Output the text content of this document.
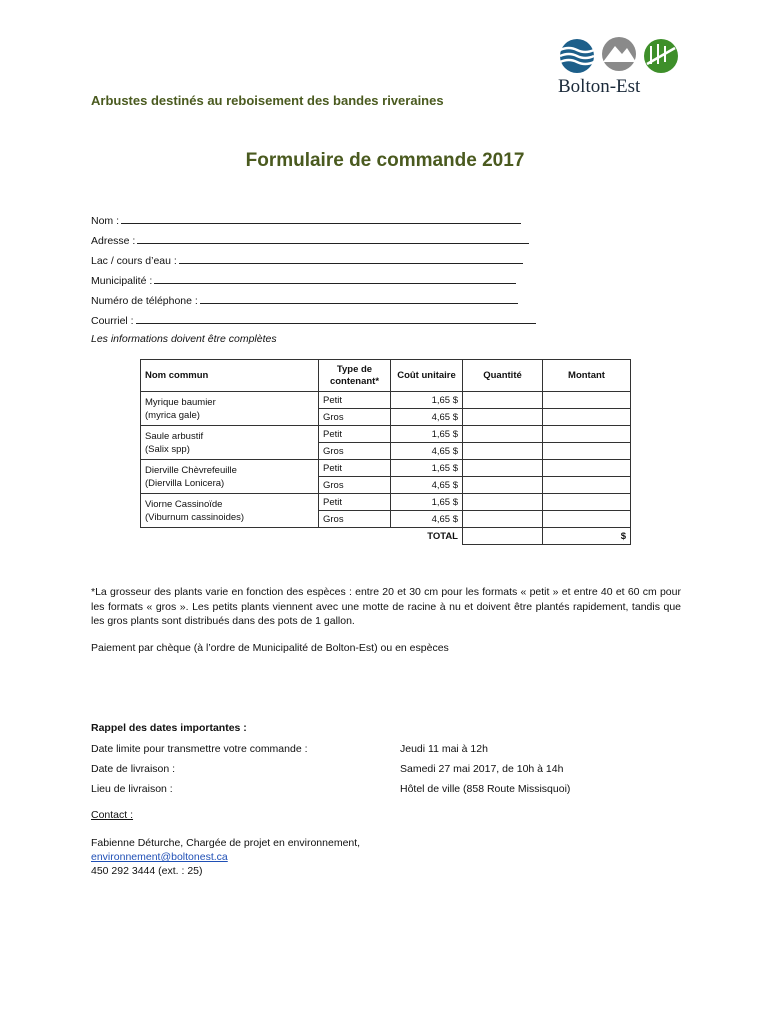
Bolton-Est
Arbustes destinés au reboisement des bandes riveraines
Formulaire de commande 2017
Nom :
Adresse :
Lac / cours d’eau :
Municipalité :
Numéro de téléphone :
Courriel :
Les informations doivent être complètes
Nom commun	Type de contenant*	Coût unitaire	Quantité	Montant
Myrique baumier
(myrica gale)	Petit	1,65 $		
	Gros	4,65 $		
Saule arbustif
(Salix spp)	Petit	1,65 $		
	Gros	4,65 $		
Dierville Chèvrefeuille
(Diervilla Lonicera)	Petit	1,65 $		
	Gros	4,65 $		
Viorne Cassinoïde
(Viburnum cassinoides)	Petit	1,65 $		
	Gros	4,65 $		
		TOTAL		$
*La grosseur des plants varie en fonction des espèces : entre 20 et 30 cm pour les formats « petit » et entre 40 et 60 cm pour les formats « gros ». Les petits plants viennent avec une motte de racine à nu et doivent être plantés rapidement, tandis que les gros plants sont distribués dans des pots de 1 gallon.
Paiement par chèque (à l’ordre de Municipalité de Bolton-Est) ou en espèces
Rappel des dates importantes :
Date limite pour transmettre votre commande :	Jeudi 11 mai à 12h
Date de livraison :	Samedi 27 mai 2017, de 10h à 14h
Lieu de livraison :	Hôtel de ville (858 Route Missisquoi)
Contact :
Fabienne Déturche, Chargée de projet en environnement,
environnement@boltonest.ca
450 292 3444 (ext. : 25)
